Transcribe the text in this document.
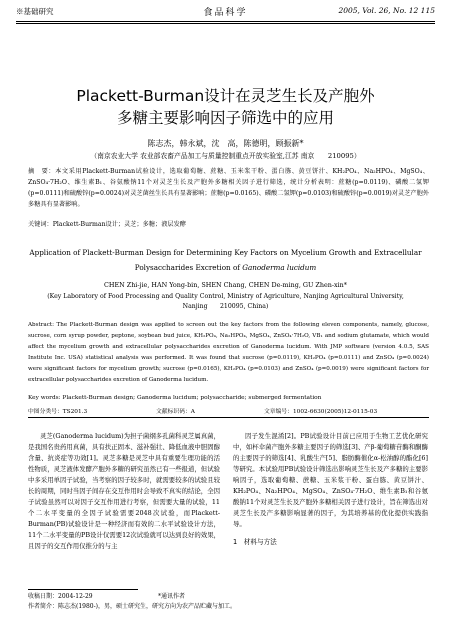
※基础研究	食品科学	2005, Vol. 26, No. 12 115
Plackett-Burman设计在灵芝生长及产胞外
多糖主要影响因子筛选中的应用
陈志杰，韩永斌，沈　高，陈德明，顾振新*
（南京农业大学 农业部农畜产品加工与质量控制重点开放实验室,江苏 南京　　210095）
摘　要：本文采用Plackett-Burman试验设计，选取葡萄糖、蔗糖、玉米浆干粉、蛋白胨、黄豆饼汁、KH₂PO₄、Na₂HPO₄、MgSO₄、ZnSO₄·7H₂O、维生素B₁、谷氨酸钠11个对灵芝生长及产胞外多糖相关因子进行筛选，统计分析表明：蔗糖(p=0.0119)、磷酸二氢钾(p=0.0111)和硫酸锌(p=0.0024)对灵芝菌丝生长具有显著影响；蔗糖(p=0.0165)、磷酸二氢钾(p=0.0103)和硫酸锌(p=0.0019)对灵芝产胞外多糖具有显著影响。
关键词：Plackett-Burman设计；灵芝；多糖；液层发酵
Application of Plackett-Burman Design for Determining Key Factors on Mycelium Growth and Extracellular
Polysaccharides Excretion of Ganoderma lucidum
CHEN Zhi-jie, HAN Yong-bin, SHEN Chang, CHEN De-ming, GU Zhen-xin*
(Key Laboratory of Food Processing and Quality Control, Ministry of Agriculture, Nanjing Agricultural University,
Nanjing　　210095, China)
Abstract: The Plackett-Burman design was applied to screen out the key factors from the following eleven components, namely, glucose, sucrose, corn syrup powder, peptone, soybean bud juice, KH₂PO₄, Na₂HPO₄, MgSO₄, ZnSO₄·7H₂O, VB₁ and sodium glutamate, which would affect the mycelium growth and extracellular polysaccharides excretion of Ganoderma lucidum. With JMP software (version 4.0.5, SAS Institute Inc. USA) statistical analysis was performed. It was found that sucrose (p=0.0119), KH₂PO₄ (p=0.0111) and ZnSO₄ (p=0.0024) were significant factors for mycelium growth; sucrose (p=0.0165), KH₂PO₄ (p=0.0103) and ZnSO₄ (p=0.0019) were significant factors for extracellular polysaccharides excretion of Ganoderma lucidum.
Key words: Plackett-Burman design; Ganoderma lucidum; polysaccharide; submerged fermentation
中图分类号：TS201.3	文献标识码：A	文章编号：1002-6630(2005)12-0115-03
灵芝(Ganoderma lucidum)为担子菌纲多孔菌科灵芝属真菌，是我国名贵药用真菌，具有扶正固本、滋补强壮、降低血液中胆固醇含量、抗炎症等功效[1]。灵芝多糖是灵芝中具有重要生理功能的活性物质，灵芝液体发酵产胞外多糖的研究虽然已有一些报道，但试验中多采用单因子试验，当考察的因子较多时，就需要较多的试验且较长的周期，同时当因子间存在交互作用时会导致不真实的结论，全因子试验虽然可以对因子交互作用进行考察，但需要大量的试验，11个二水平变量的全因子试验需要2048次试验，而Plackett-Burman(PB)试验设计是一种经济而有效的二水平试验设计方法，11个二水平变量的PB设计仅需要12次试验就可以达到良好的效果，且因子的交互作用仅推分的与主
因子发生混淆[2]。PB试验设计目前已应用于生物工艺优化研究中，如杯伞菌产胞外多糖主要因子的筛选[3]、产β-葡萄糖苷酶和酮酶的主要因子的筛选[4]、乳酸生产[5]、脂肪酶催化α-松油醇的酯化[6]等研究。本试验用PB试验设计筛选出影响灵芝生长及产多糖的主要影响因子，选取葡萄糖、蔗糖、玉米浆干粉、蛋白胨、黄豆饼汁、KH₂PO₄、Na₂HPO₄、MgSO₄、ZnSO₄·7H₂O、维生素B₁和谷氨酸钠11个对灵芝生长及产胞外多糖相关因子进行设计，旨在筛选出对灵芝生长及产多糖影响显著的因子，为其培养基的优化提供实践指导。
1　材料与方法
收稿日期：2004-12-29	*通讯作者
作者简介：陈志杰(1980-)，男，硕士研究生，研究方向为农产品贮藏与加工。
